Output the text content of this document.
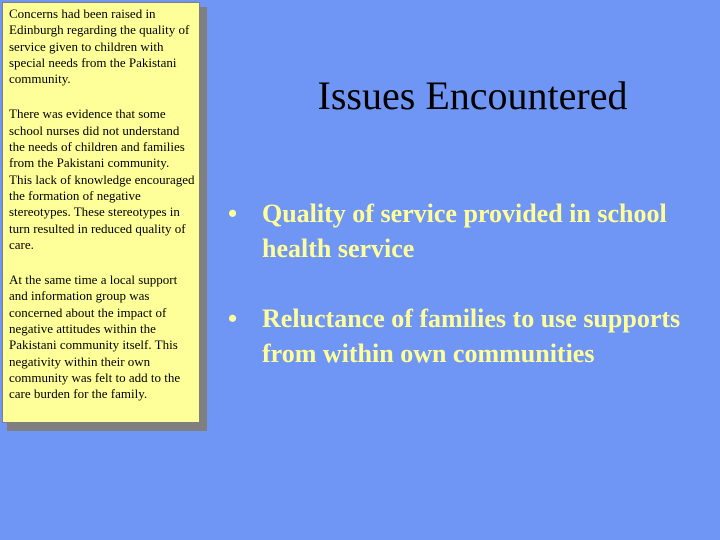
Concerns had been raised in Edinburgh regarding the quality of service given to children with special needs from the Pakistani community.

There was evidence that some school nurses did not understand the needs of children and families from the Pakistani community. This lack of knowledge encouraged the formation of negative stereotypes. These stereotypes in turn resulted in reduced quality of care.

At the same time a local support and information group was concerned about the impact of negative attitudes within the Pakistani community itself. This negativity within their own community was felt to add to the care burden for the family.

Issues Encountered
• Quality of service provided in school health service
• Reluctance of families to use supports from within own communities
